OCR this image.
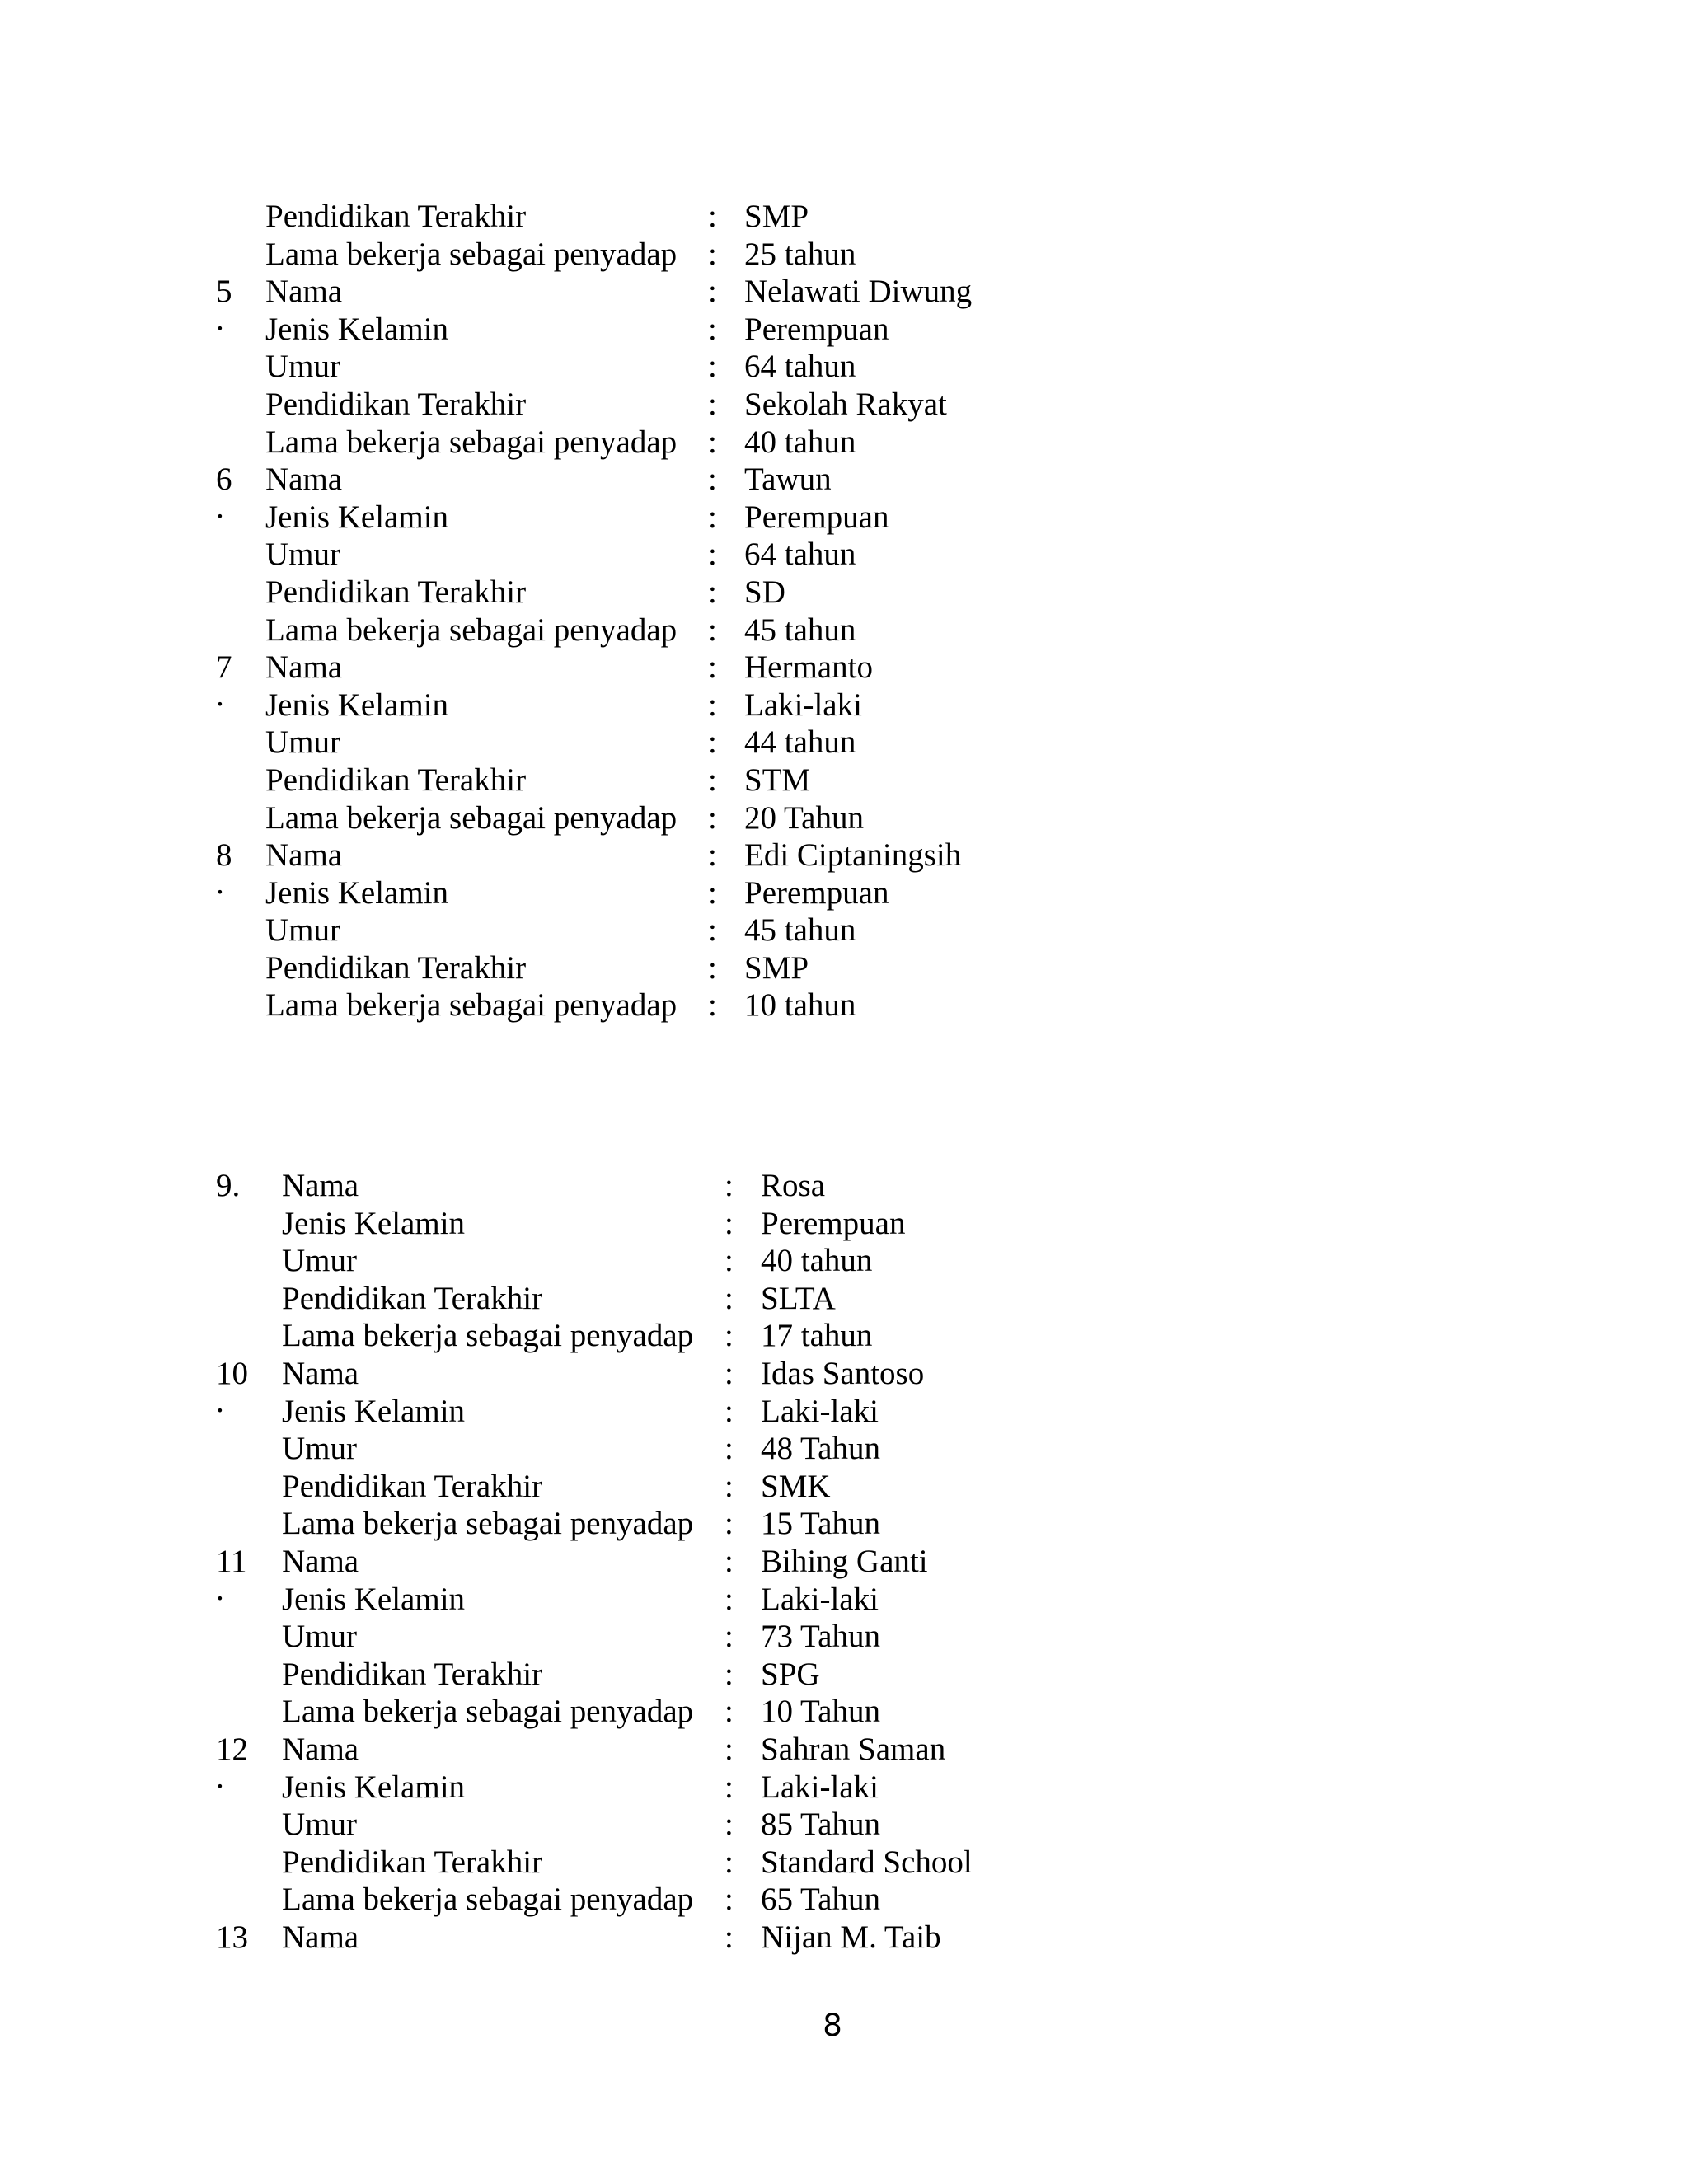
Pendidikan Terakhir	: SMP
Lama bekerja sebagai penyadap : 25 tahun
5 Nama	: Nelawati Diwung
. Jenis Kelamin	: Perempuan
Umur	: 64 tahun
Pendidikan Terakhir	: Sekolah Rakyat
Lama bekerja sebagai penyadap : 40 tahun
6 Nama	: Tawun
. Jenis Kelamin	: Perempuan
Umur	: 64 tahun
Pendidikan Terakhir	: SD
Lama bekerja sebagai penyadap : 45 tahun
7 Nama	: Hermanto
. Jenis Kelamin	: Laki-laki
Umur	: 44 tahun
Pendidikan Terakhir	: STM
Lama bekerja sebagai penyadap : 20 Tahun
8 Nama	: Edi Ciptaningsih
. Jenis Kelamin	: Perempuan
Umur	: 45 tahun
Pendidikan Terakhir	: SMP
Lama bekerja sebagai penyadap : 10 tahun
9. Nama	: Rosa
Jenis Kelamin	: Perempuan
Umur	: 40 tahun
Pendidikan Terakhir	: SLTA
Lama bekerja sebagai penyadap : 17 tahun
10 Nama	: Idas Santoso
. Jenis Kelamin	: Laki-laki
Umur	: 48 Tahun
Pendidikan Terakhir	: SMK
Lama bekerja sebagai penyadap : 15 Tahun
11 Nama	: Bihing Ganti
. Jenis Kelamin	: Laki-laki
Umur	: 73 Tahun
Pendidikan Terakhir	: SPG
Lama bekerja sebagai penyadap : 10 Tahun
12 Nama	: Sahran Saman
. Jenis Kelamin	: Laki-laki
Umur	: 85 Tahun
Pendidikan Terakhir	: Standard School
Lama bekerja sebagai penyadap : 65 Tahun
13 Nama	: Nijan M. Taib
8
